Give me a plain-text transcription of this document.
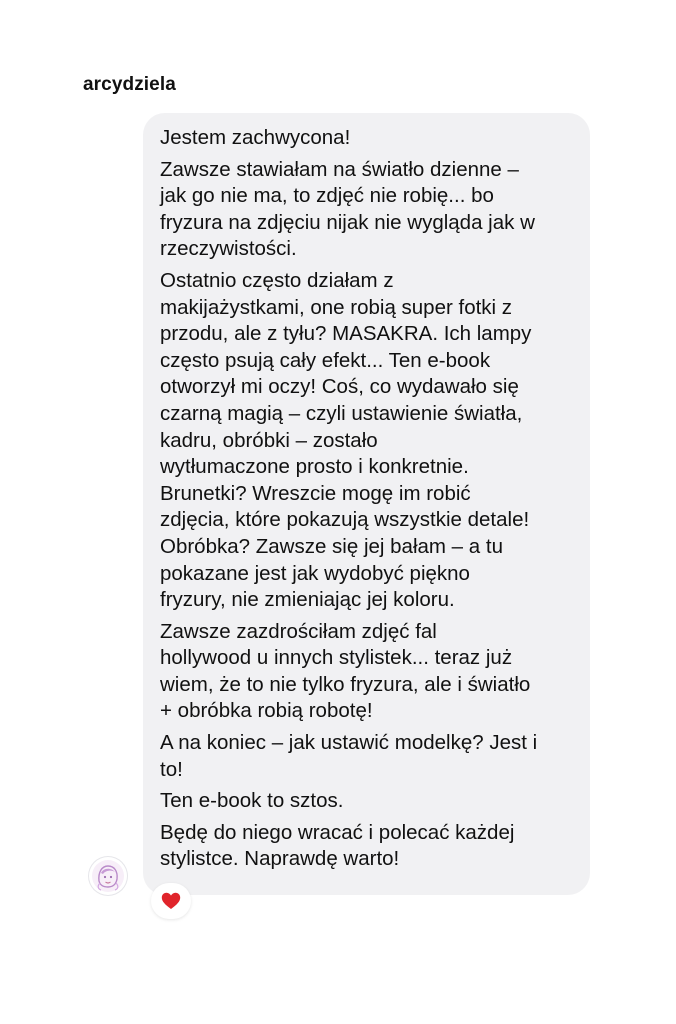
arcydziela
Jestem zachwycona!
Zawsze stawiałam na światło dzienne –
jak go nie ma, to zdjęć nie robię... bo
fryzura na zdjęciu nijak nie wygląda jak w
rzeczywistości.
Ostatnio często działam z
makijażystkami, one robią super fotki z
przodu, ale z tyłu? MASAKRA. Ich lampy
często psują cały efekt... Ten e-book
otworzył mi oczy! Coś, co wydawało się
czarną magią – czyli ustawienie światła,
kadru, obróbki – zostało
wytłumaczone prosto i konkretnie.
Brunetki? Wreszcie mogę im robić
zdjęcia, które pokazują wszystkie detale!
Obróbka? Zawsze się jej bałam – a tu
pokazane jest jak wydobyć piękno
fryzury, nie zmieniając jej koloru.
Zawsze zazdrościłam zdjęć fal
hollywood u innych stylistek... teraz już
wiem, że to nie tylko fryzura, ale i światło
+ obróbka robią robotę!
A na koniec – jak ustawić modelkę? Jest i
to!
Ten e-book to sztos.
Będę do niego wracać i polecać każdej
stylistce. Naprawdę warto!
